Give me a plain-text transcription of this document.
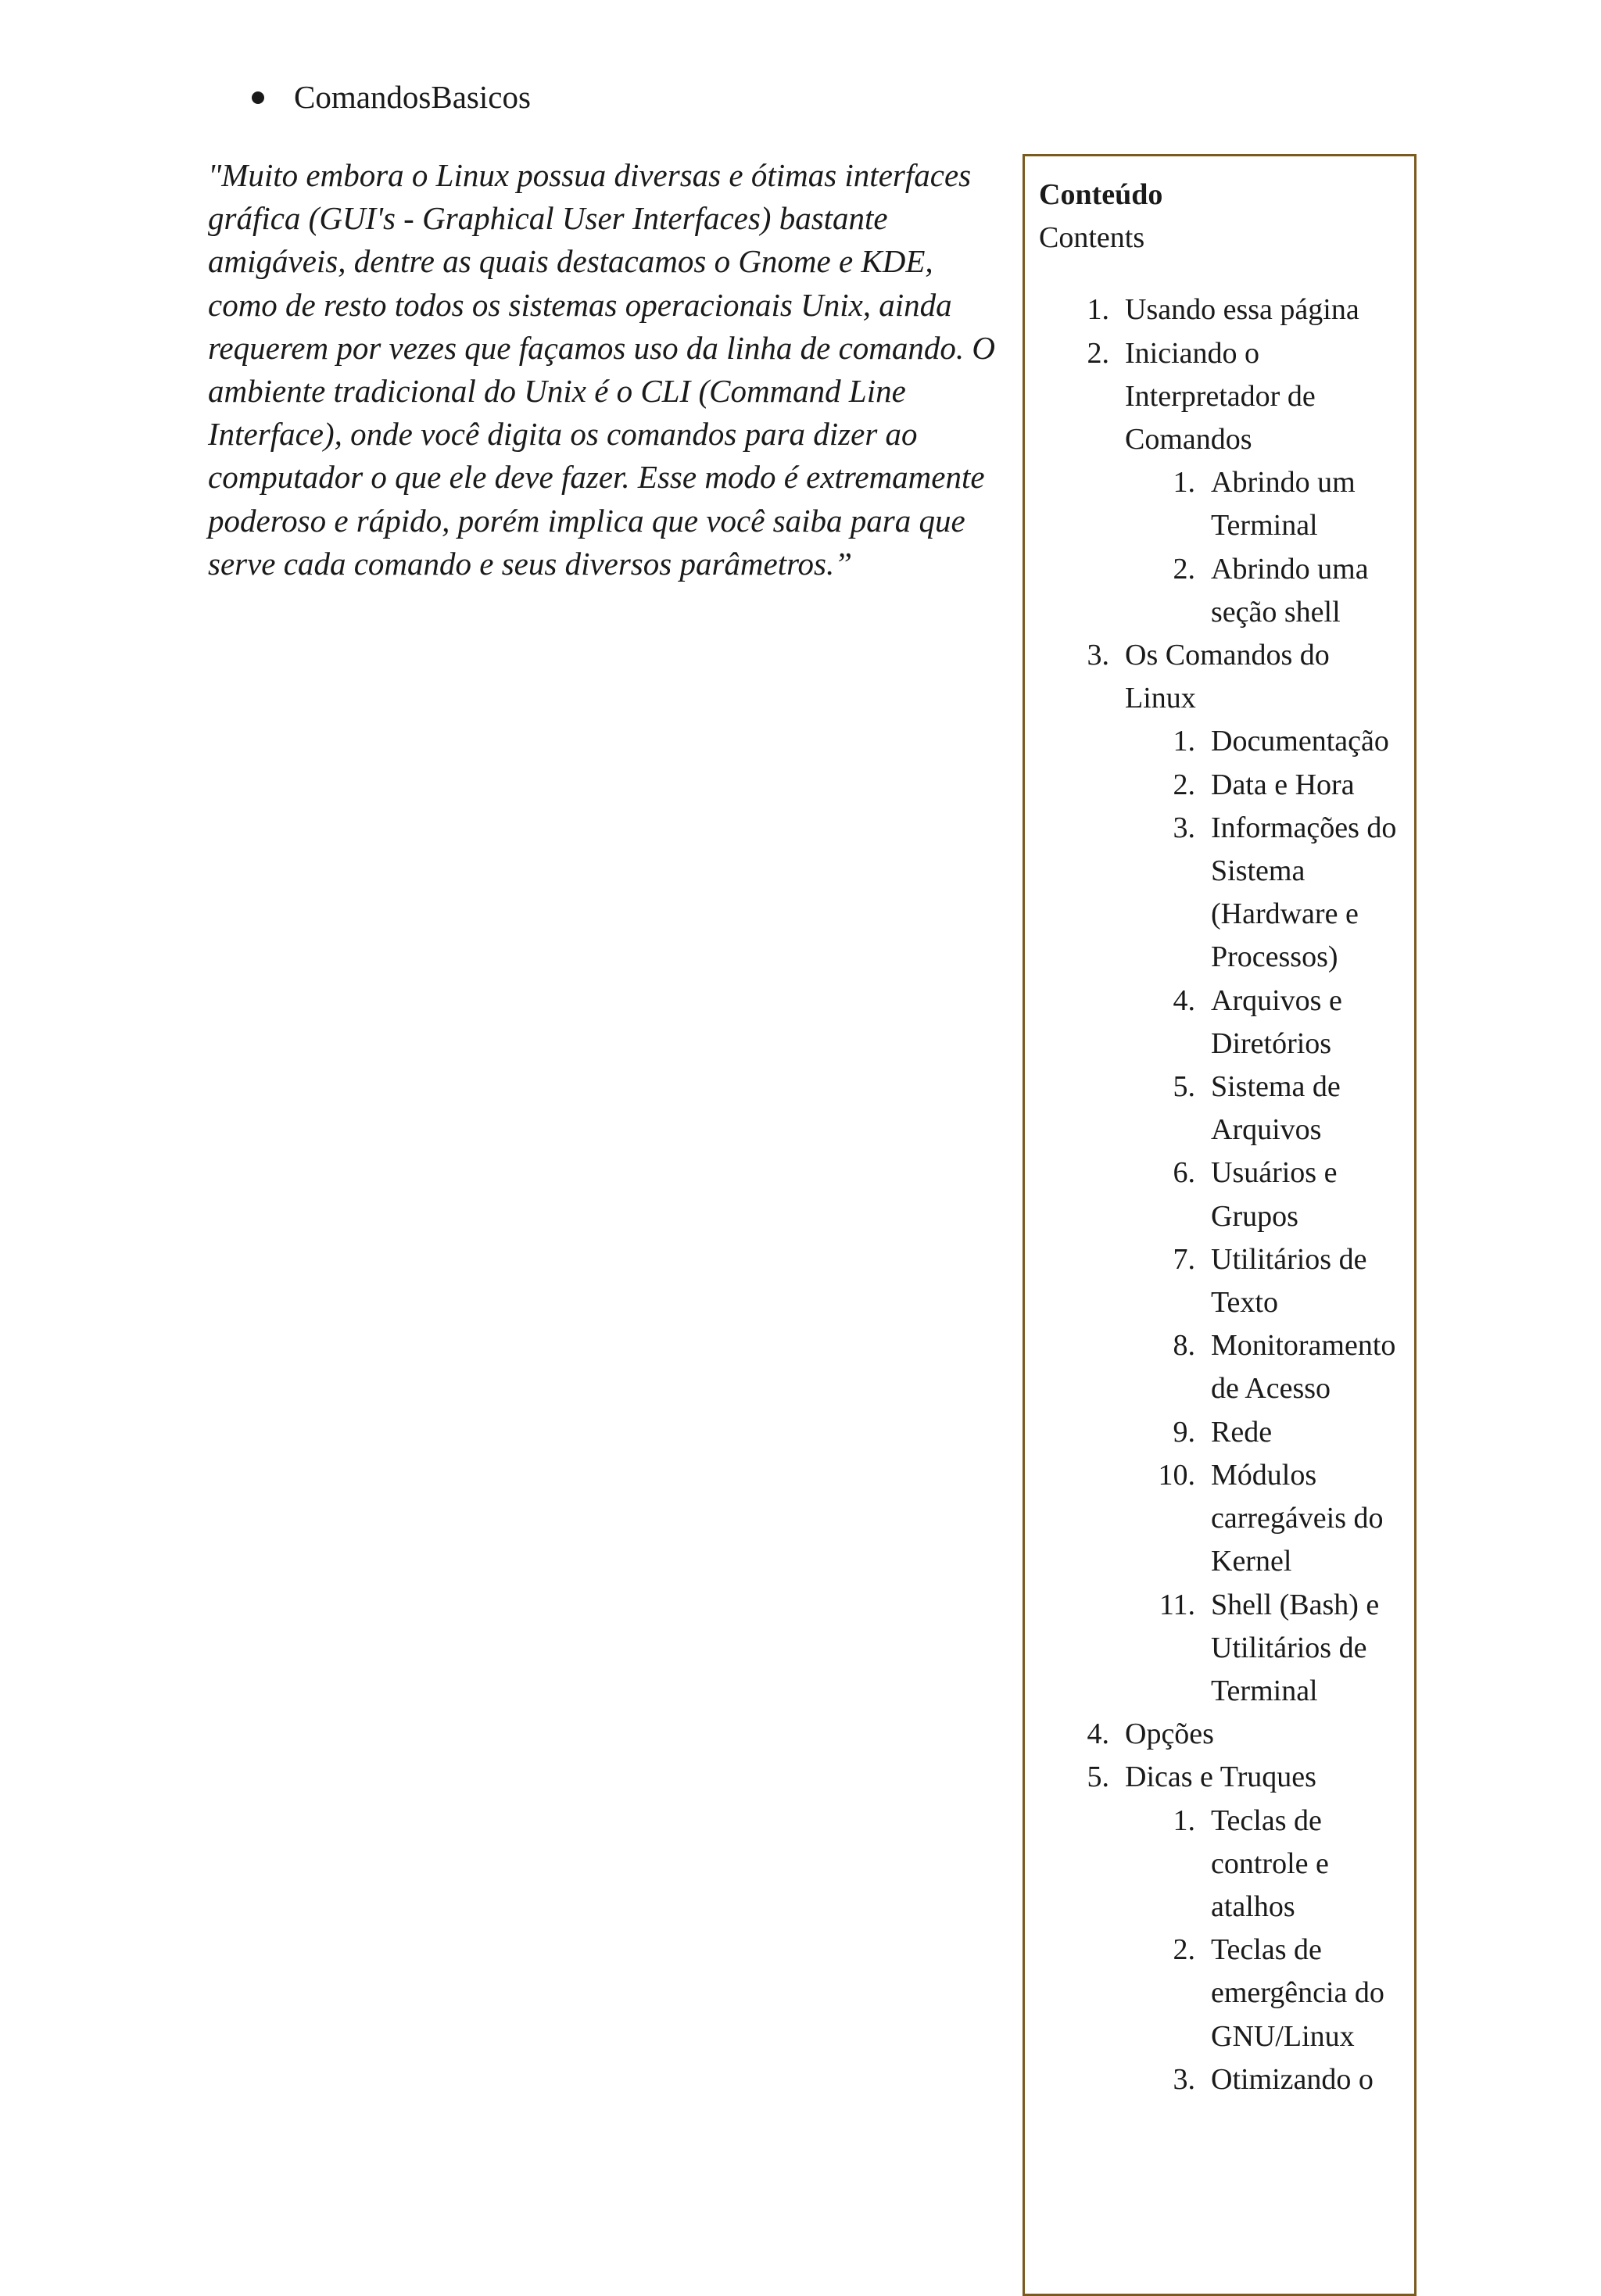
ComandosBasicos

"Muito embora o Linux possua diversas e ótimas interfaces gráfica (GUI's - Graphical User Interfaces) bastante amigáveis, dentre as quais destacamos o Gnome e KDE, como de resto todos os sistemas operacionais Unix, ainda requerem por vezes que façamos uso da linha de comando. O ambiente tradicional do Unix é o CLI (Command Line Interface), onde você digita os comandos para dizer ao computador o que ele deve fazer. Esse modo é extremamente poderoso e rápido, porém implica que você saiba para que serve cada comando e seus diversos parâmetros.”

Conteúdo

Contents

1. Usando essa página
2. Iniciando o Interpretador de Comandos
1. Abrindo um Terminal
2. Abrindo uma seção shell
3. Os Comandos do Linux
1. Documentação
2. Data e Hora
3. Informações do Sistema (Hardware e Processos)
4. Arquivos e Diretórios
5. Sistema de Arquivos
6. Usuários e Grupos
7. Utilitários de Texto
8. Monitoramento de Acesso
9. Rede
10. Módulos carregáveis do Kernel
11. Shell (Bash) e Utilitários de Terminal
4. Opções
5. Dicas e Truques
1. Teclas de controle e atalhos
2. Teclas de emergência do GNU/Linux
3. Otimizando o
